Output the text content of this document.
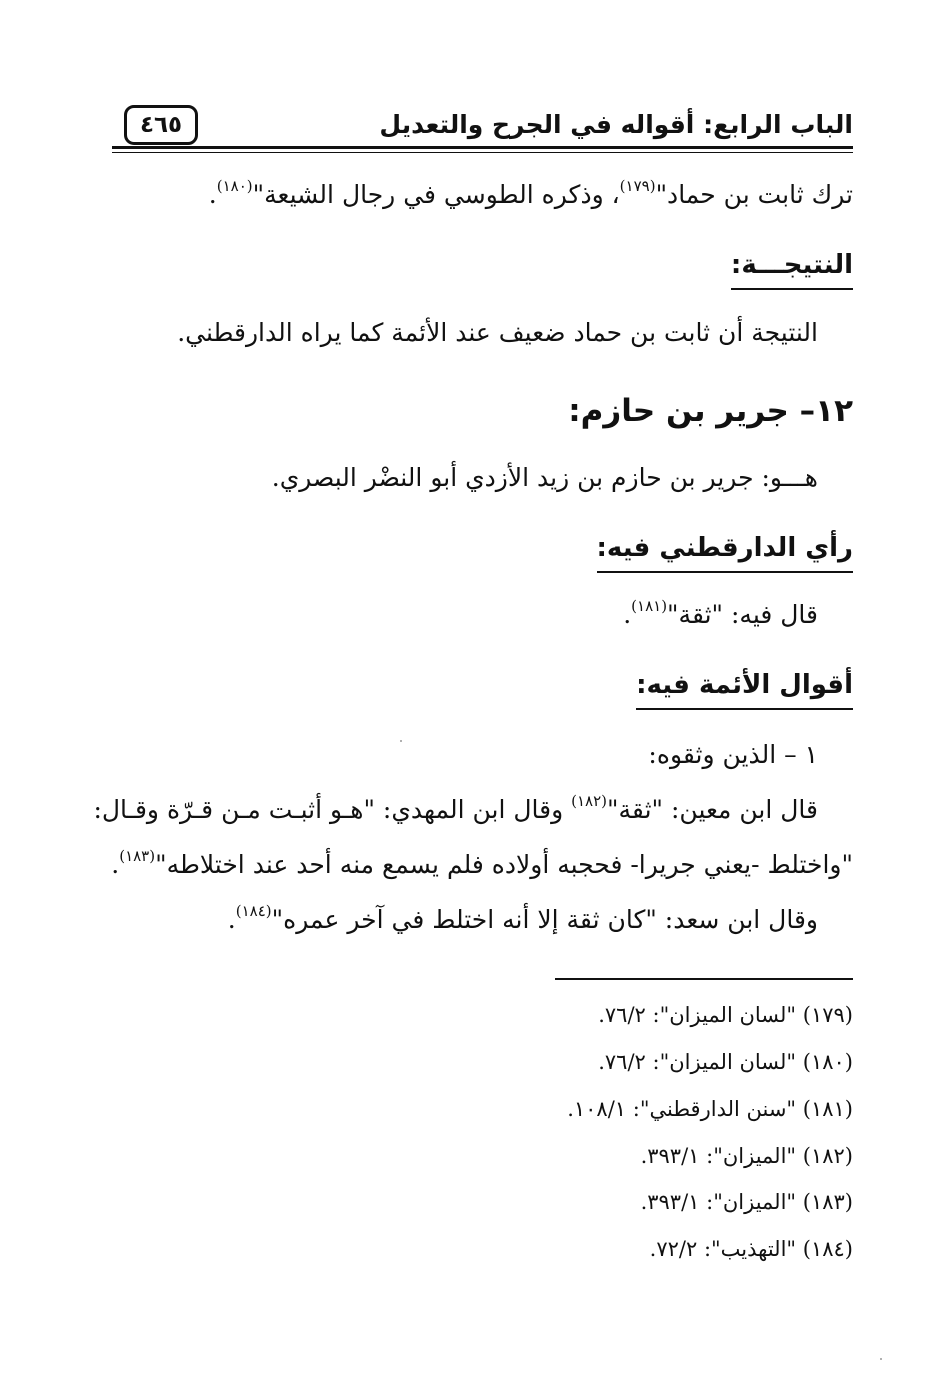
الباب الرابع: أقواله في الجرح والتعديل
٤٦٥
ترك ثابت بن حماد"$^{(١٧٩)}$، وذكره الطوسي في رجال الشيعة"$^{(١٨٠)}$.
النتيجـــة:
النتيجة أن ثابت بن حماد ضعيف عند الأئمة كما يراه الدارقطني.
١٢– جرير بن حازم:
هـــو: جرير بن حازم بن زيد الأزدي أبو النضْر البصري.
رأي الدارقطني فيه:
قال فيه: "ثقة"$^{(١٨١)}$.
أقوال الأئمة فيه:
١ – الذين وثقوه:
قال ابن معين: "ثقة"$^{(١٨٢)}$ وقال ابن المهدي: "هـو أثبـت مـن قـرّة وقـال:
"واختلط -يعني جريرا- فحجبه أولاده فلم يسمع منه أحد عند اختلاطه"$^{(١٨٣)}$.
وقال ابن سعد: "كان ثقة إلا أنه اختلط في آخر عمره"$^{(١٨٤)}$.
(١٧٩) "لسان الميزان": ٧٦/٢.
(١٨٠) "لسان الميزان": ٧٦/٢.
(١٨١) "سنن الدارقطني": ١٠٨/١.
(١٨٢) "الميزان": ٣٩٣/١.
(١٨٣) "الميزان": ٣٩٣/١.
(١٨٤) "التهذيب": ٧٢/٢.
